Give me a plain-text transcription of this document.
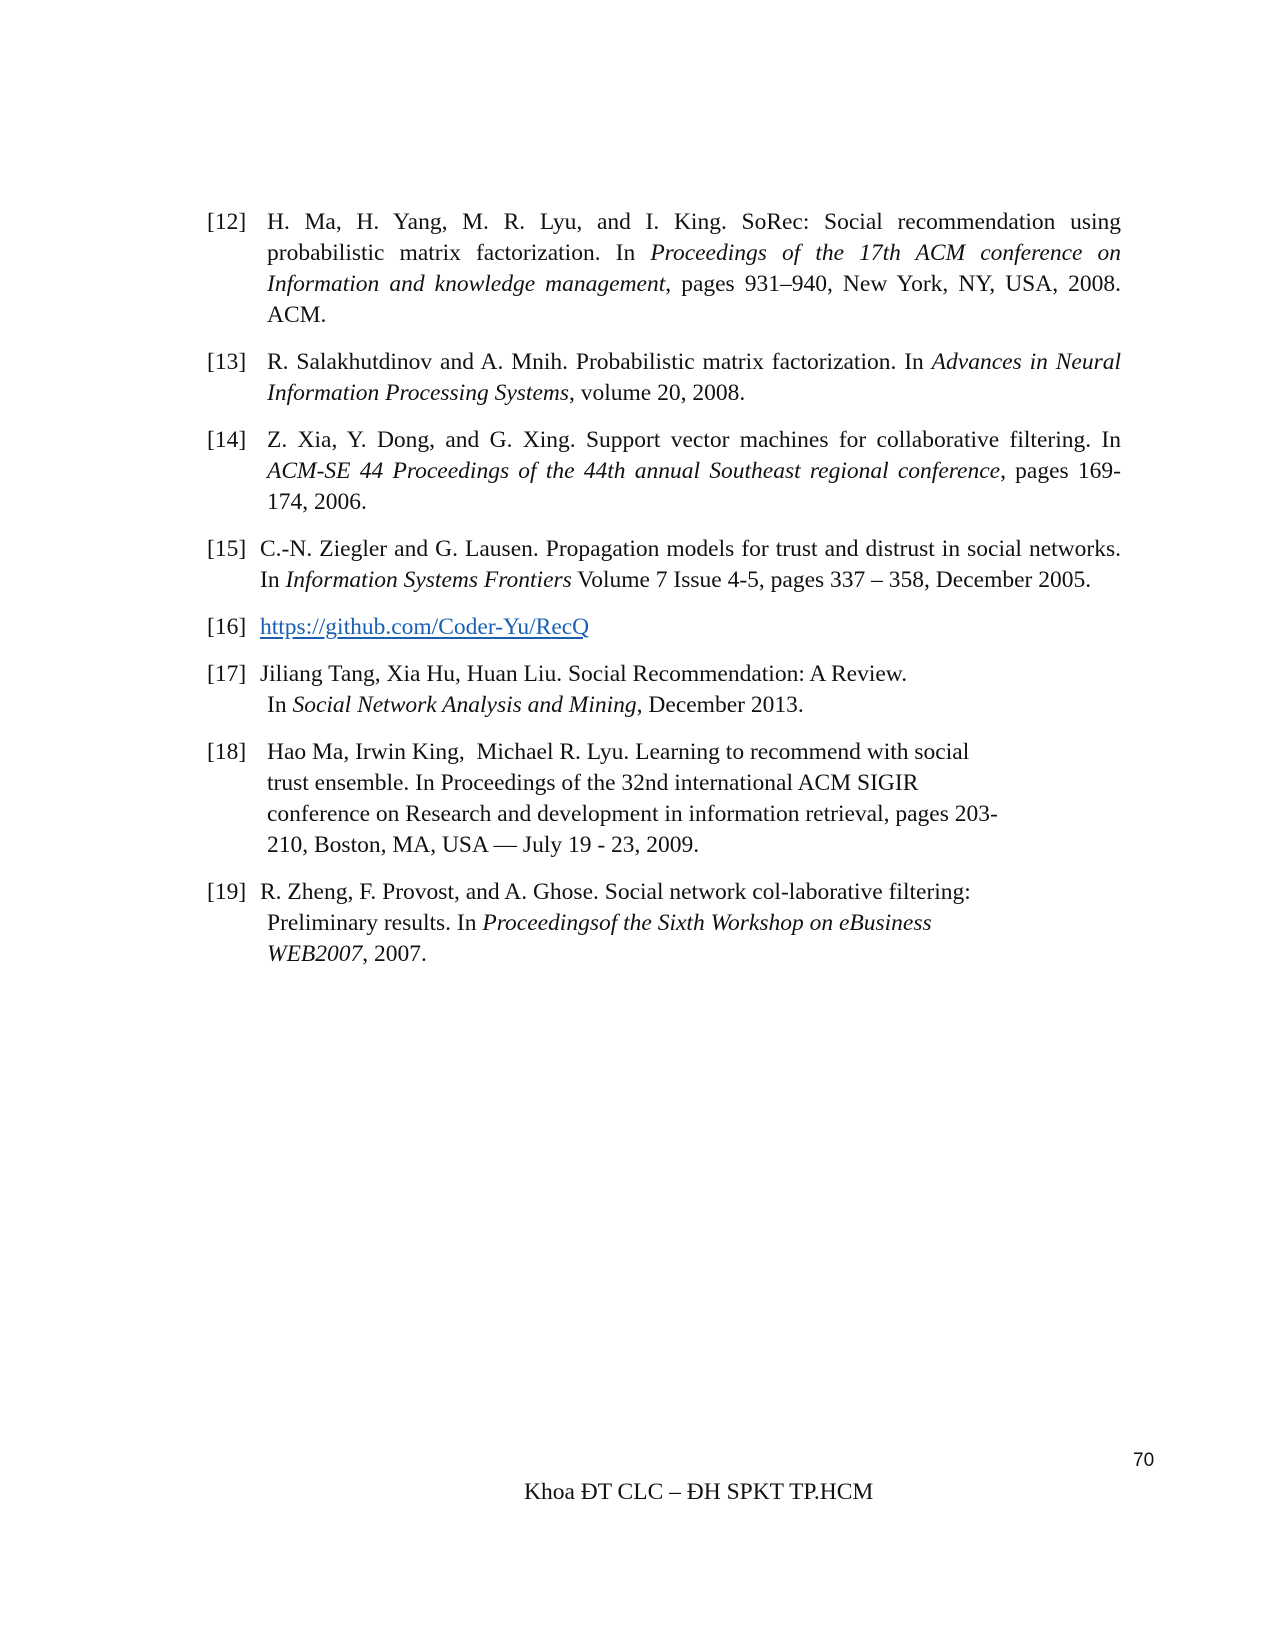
[12] H. Ma, H. Yang, M. R. Lyu, and I. King. SoRec: Social recommendation using probabilistic matrix factorization. In Proceedings of the 17th ACM conference on Information and knowledge management, pages 931–940, New York, NY, USA, 2008. ACM.
[13] R. Salakhutdinov and A. Mnih. Probabilistic matrix factorization. In Advances in Neural Information Processing Systems, volume 20, 2008.
[14] Z. Xia, Y. Dong, and G. Xing. Support vector machines for collaborative filtering. In ACM-SE 44 Proceedings of the 44th annual Southeast regional conference, pages 169-174, 2006.
[15] C.-N. Ziegler and G. Lausen. Propagation models for trust and distrust in social networks. In Information Systems Frontiers Volume 7 Issue 4-5, pages 337 – 358, December 2005.
[16] https://github.com/Coder-Yu/RecQ
[17] Jiliang Tang, Xia Hu, Huan Liu. Social Recommendation: A Review.
In Social Network Analysis and Mining, December 2013.
[18] Hao Ma, Irwin King,  Michael R. Lyu. Learning to recommend with social
trust ensemble. In Proceedings of the 32nd international ACM SIGIR
conference on Research and development in information retrieval, pages 203-
210, Boston, MA, USA — July 19 - 23, 2009.
[19] R. Zheng, F. Provost, and A. Ghose. Social network col-laborative filtering:
Preliminary results. In Proceedingsof the Sixth Workshop on eBusiness
WEB2007, 2007.
70
Khoa ĐT CLC – ĐH SPKT TP.HCM
